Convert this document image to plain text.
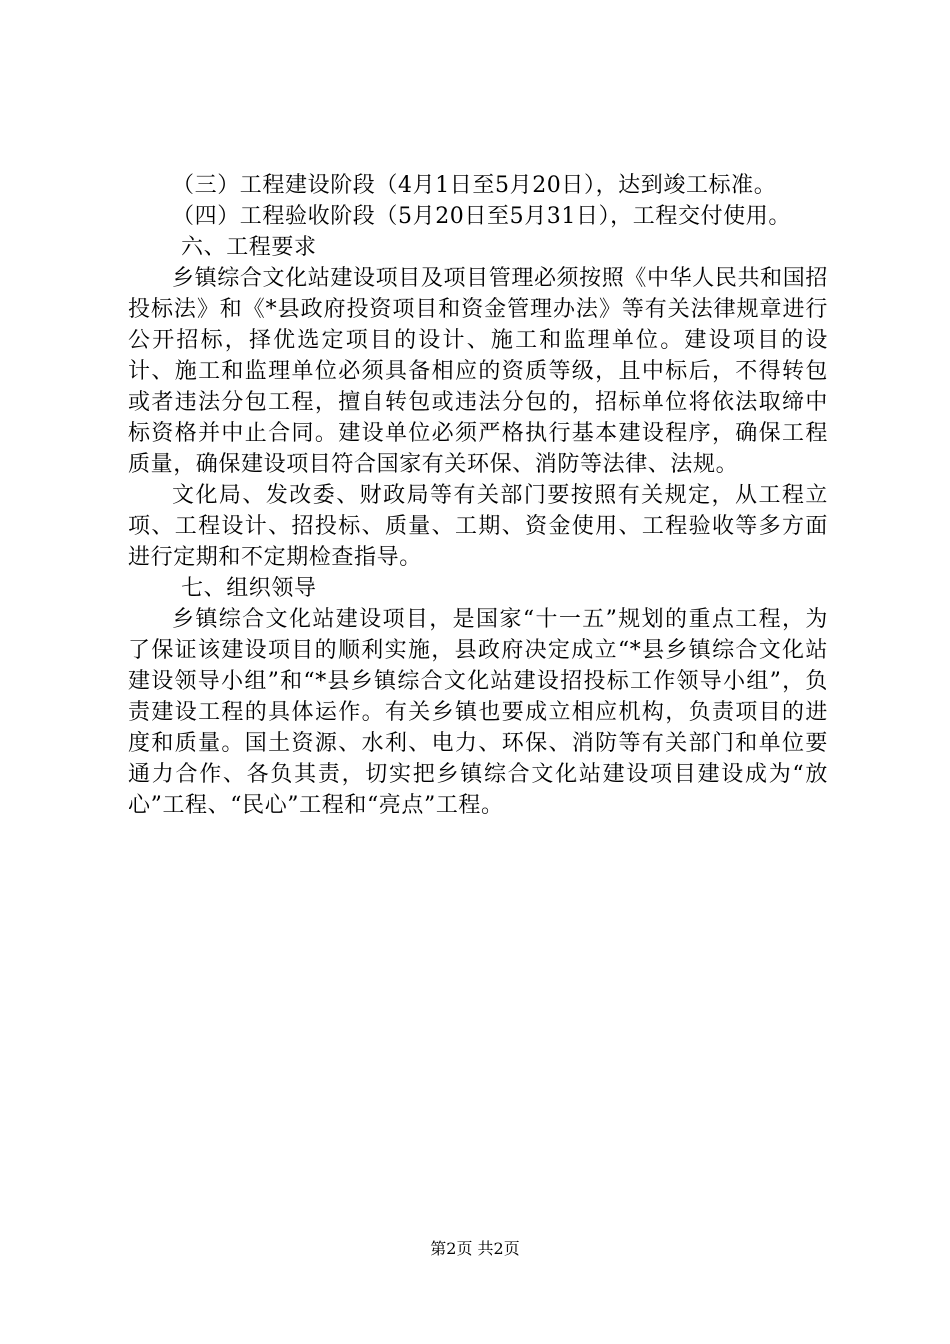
（三）工程建设阶段（4月1日至5月20日），达到竣工标准。

（四）工程验收阶段（5月20日至5月31日），工程交付使用。

六、工程要求

乡镇综合文化站建设项目及项目管理必须按照《中华人民共和国招投标法》和《*县政府投资项目和资金管理办法》等有关法律规章进行公开招标，择优选定项目的设计、施工和监理单位。建设项目的设计、施工和监理单位必须具备相应的资质等级，且中标后，不得转包或者违法分包工程，擅自转包或违法分包的，招标单位将依法取缔中标资格并中止合同。建设单位必须严格执行基本建设程序，确保工程质量，确保建设项目符合国家有关环保、消防等法律、法规。

文化局、发改委、财政局等有关部门要按照有关规定，从工程立项、工程设计、招投标、质量、工期、资金使用、工程验收等多方面进行定期和不定期检查指导。

七、组织领导

乡镇综合文化站建设项目，是国家“十一五”规划的重点工程，为了保证该建设项目的顺利实施，县政府决定成立“*县乡镇综合文化站建设领导小组”和“*县乡镇综合文化站建设招投标工作领导小组”，负责建设工程的具体运作。有关乡镇也要成立相应机构，负责项目的进度和质量。国土资源、水利、电力、环保、消防等有关部门和单位要通力合作、各负其责，切实把乡镇综合文化站建设项目建设成为“放心”工程、“民心”工程和“亮点”工程。

第2页 共2页
